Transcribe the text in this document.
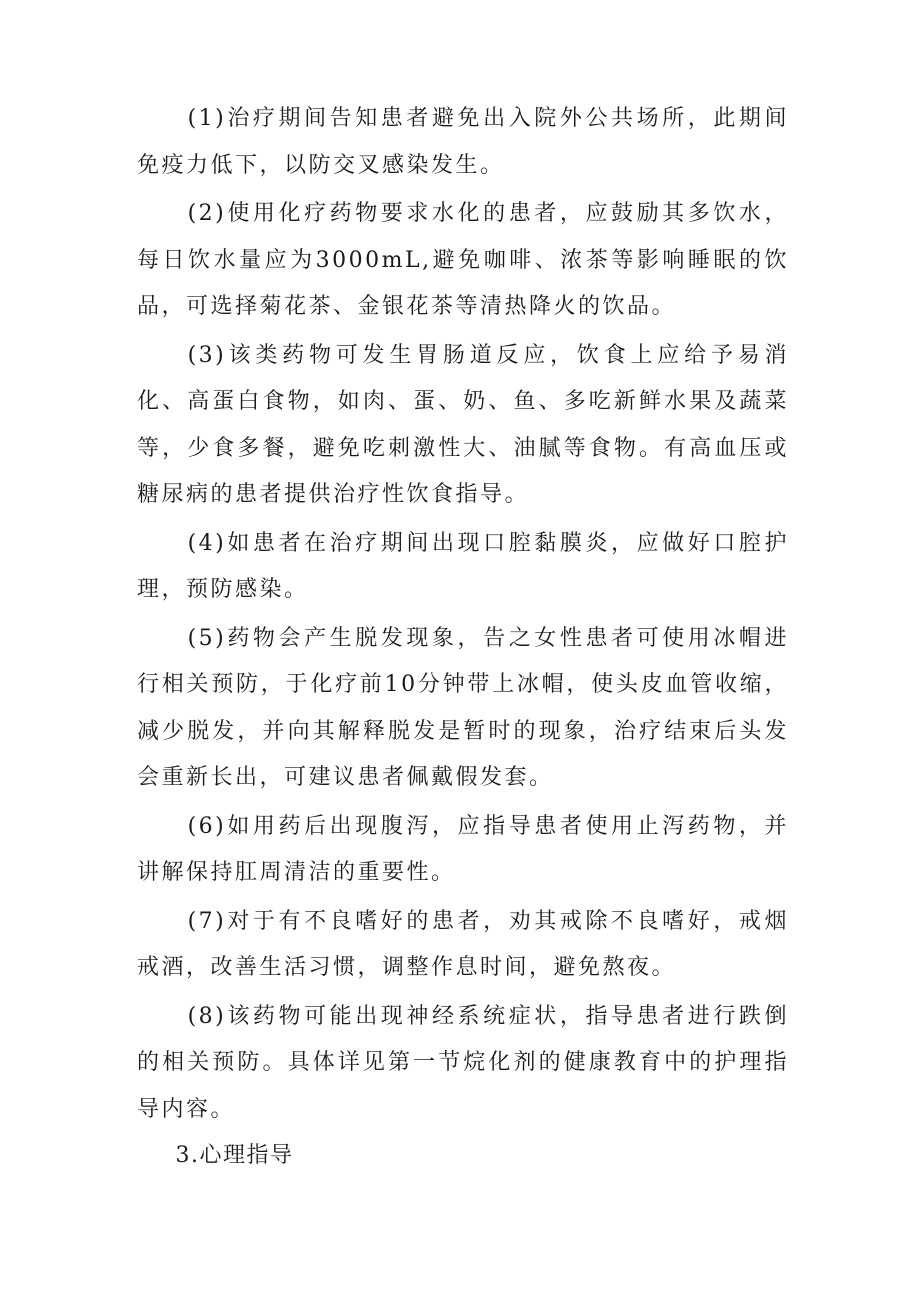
(1)治疗期间告知患者避免出入院外公共场所，此期间免疫力低下，以防交叉感染发生。

(2)使用化疗药物要求水化的患者，应鼓励其多饮水，每日饮水量应为3000mL,避免咖啡、浓茶等影响睡眠的饮品，可选择菊花茶、金银花茶等清热降火的饮品。

(3)该类药物可发生胃肠道反应，饮食上应给予易消化、高蛋白食物，如肉、蛋、奶、鱼、多吃新鲜水果及蔬菜等，少食多餐，避免吃刺激性大、油腻等食物。有高血压或糖尿病的患者提供治疗性饮食指导。

(4)如患者在治疗期间出现口腔黏膜炎，应做好口腔护理，预防感染。

(5)药物会产生脱发现象，告之女性患者可使用冰帽进行相关预防，于化疗前10分钟带上冰帽，使头皮血管收缩，减少脱发，并向其解释脱发是暂时的现象，治疗结束后头发会重新长出，可建议患者佩戴假发套。

(6)如用药后出现腹泻，应指导患者使用止泻药物，并讲解保持肛周清洁的重要性。

(7)对于有不良嗜好的患者，劝其戒除不良嗜好，戒烟戒酒，改善生活习惯，调整作息时间，避免熬夜。

(8)该药物可能出现神经系统症状，指导患者进行跌倒的相关预防。具体详见第一节烷化剂的健康教育中的护理指导内容。

3.心理指导
